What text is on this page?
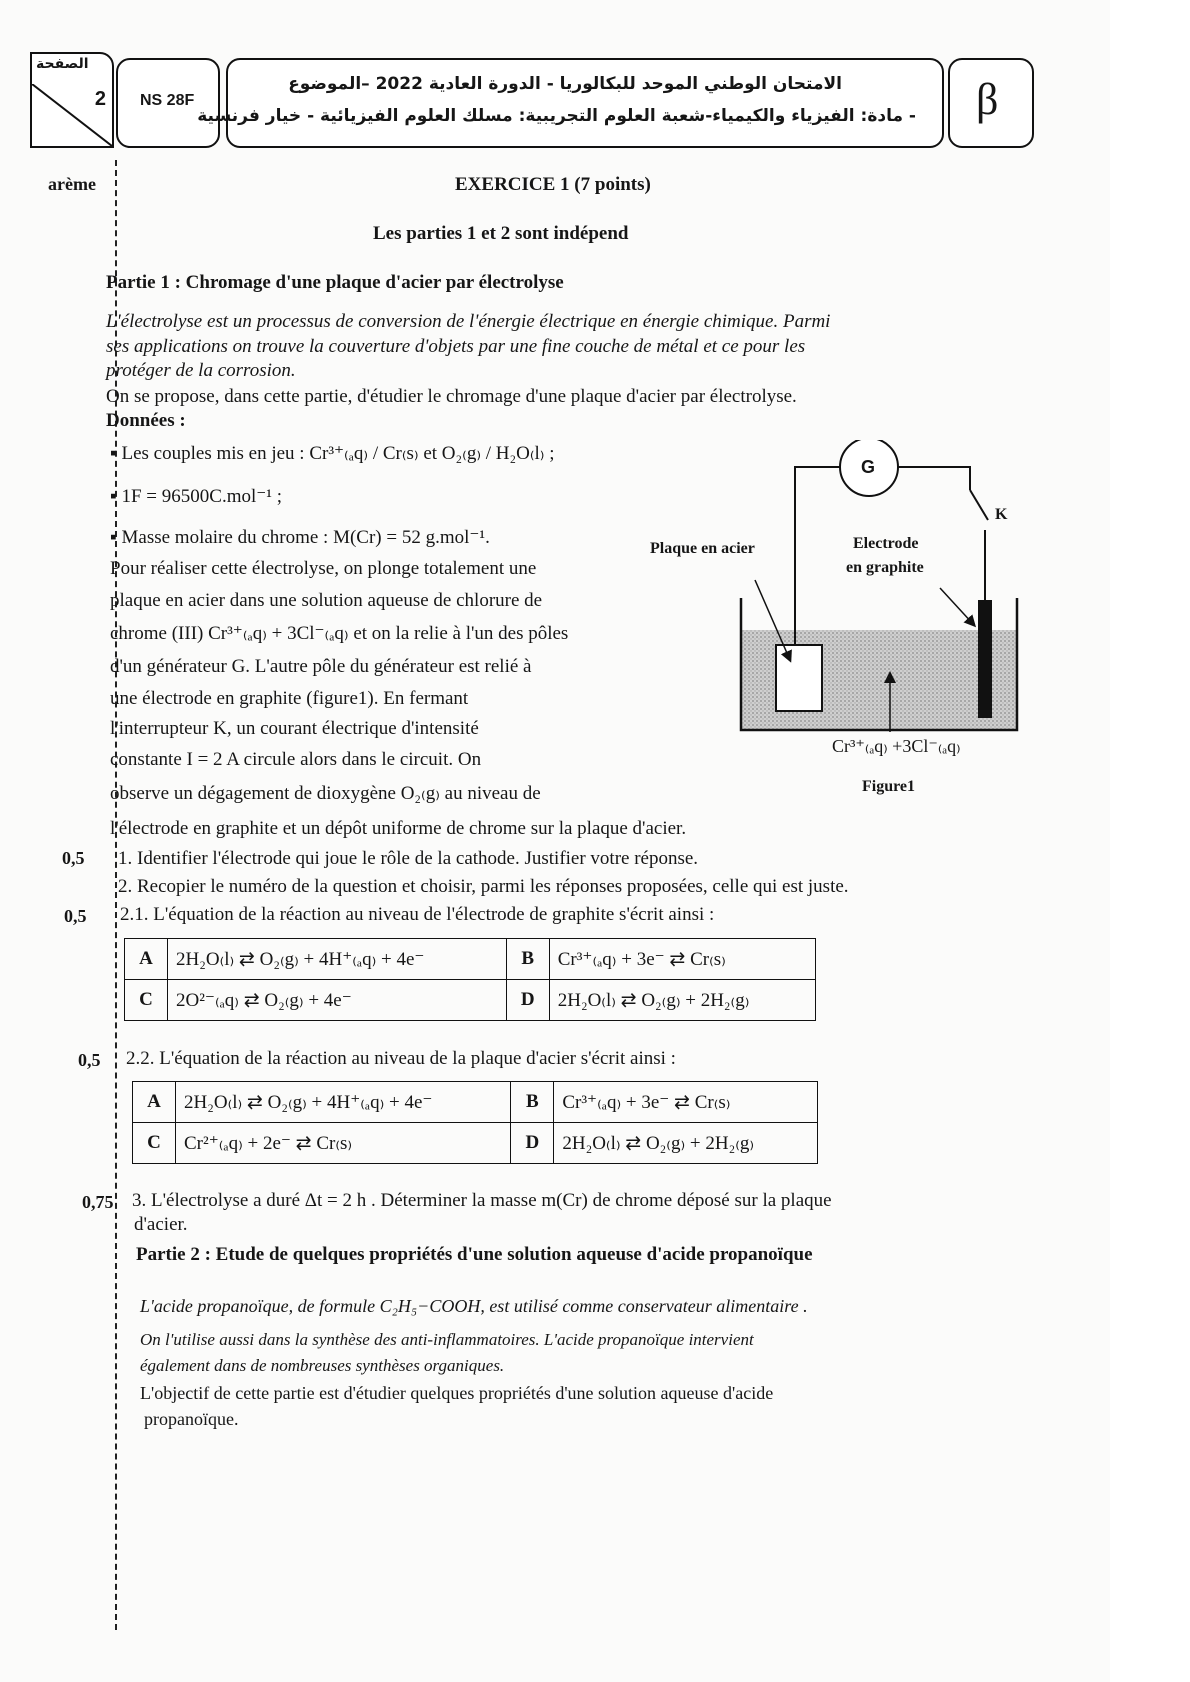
الصفحة
2 NS 28F
الامتحان الوطني الموحد للبكالوريا - الدورة العادية 2022 –الموضوع
- مادة: الفيزياء والكيمياء-شعبة العلوم التجريبية: مسلك العلوم الفيزيائية - خيار فرنسية β
arème	EXERCICE 1 (7 points)
Les parties 1 et 2 sont indépend
Partie 1 : Chromage d'une plaque d'acier par électrolyse
L'électrolyse est un processus de conversion de l'énergie électrique en énergie chimique. Parmi
ses applications on trouve la couverture d'objets par une fine couche de métal et ce pour les
protéger de la corrosion.
On se propose, dans cette partie, d'étudier le chromage d'une plaque d'acier par électrolyse.
Données :
▪ Les couples mis en jeu : Cr³⁺₍ₐq₎ / Cr₍s₎ et O₂₍g₎ / H₂O₍l₎ ;
▪ 1F = 96500C.mol⁻¹ ;
▪ Masse molaire du chrome : M(Cr) = 52 g.mol⁻¹.
Pour réaliser cette électrolyse, on plonge totalement une
plaque en acier dans une solution aqueuse de chlorure de
chrome (III) Cr³⁺₍ₐq₎ + 3Cl⁻₍ₐq₎ et on la relie à l'un des pôles
d'un générateur G. L'autre pôle du générateur est relié à
une électrode en graphite (figure1). En fermant
l'interrupteur K, un courant électrique d'intensité
constante I = 2 A circule alors dans le circuit. On
observe un dégagement de dioxygène O₂₍g₎ au niveau de
l'électrode en graphite et un dépôt uniforme de chrome sur la plaque d'acier.
G
K
Plaque en acier	Electrode
en graphite
Cr³⁺₍ₐq₎ +3Cl⁻₍ₐq₎
Figure1
0,5 1. Identifier l'électrode qui joue le rôle de la cathode. Justifier votre réponse.
2. Recopier le numéro de la question et choisir, parmi les réponses proposées, celle qui est juste.
0,5 2.1. L'équation de la réaction au niveau de l'électrode de graphite s'écrit ainsi :
A	2H₂O₍l₎ ⇄ O₂₍g₎ + 4H⁺₍ₐq₎ + 4e⁻	B	Cr³⁺₍ₐq₎ + 3e⁻ ⇄ Cr₍s₎
C	2O²⁻₍ₐq₎ ⇄ O₂₍g₎ + 4e⁻	D	2H₂O₍l₎ ⇄ O₂₍g₎ + 2H₂₍g₎
0,5 2.2. L'équation de la réaction au niveau de la plaque d'acier s'écrit ainsi :
A	2H₂O₍l₎ ⇄ O₂₍g₎ + 4H⁺₍ₐq₎ + 4e⁻	B	Cr³⁺₍ₐq₎ + 3e⁻ ⇄ Cr₍s₎
C	Cr²⁺₍ₐq₎ + 2e⁻ ⇄ Cr₍s₎	D	2H₂O₍l₎ ⇄ O₂₍g₎ + 2H₂₍g₎
0,75 3. L'électrolyse a duré Δt = 2 h . Déterminer la masse m(Cr) de chrome déposé sur la plaque
d'acier.
Partie 2 : Etude de quelques propriétés d'une solution aqueuse d'acide propanoïque
L'acide propanoïque, de formule C₂H₅−COOH, est utilisé comme conservateur alimentaire .
On l'utilise aussi dans la synthèse des anti-inflammatoires. L'acide propanoïque intervient
également dans de nombreuses synthèses organiques.
L'objectif de cette partie est d'étudier quelques propriétés d'une solution aqueuse d'acide
propanoïque.
